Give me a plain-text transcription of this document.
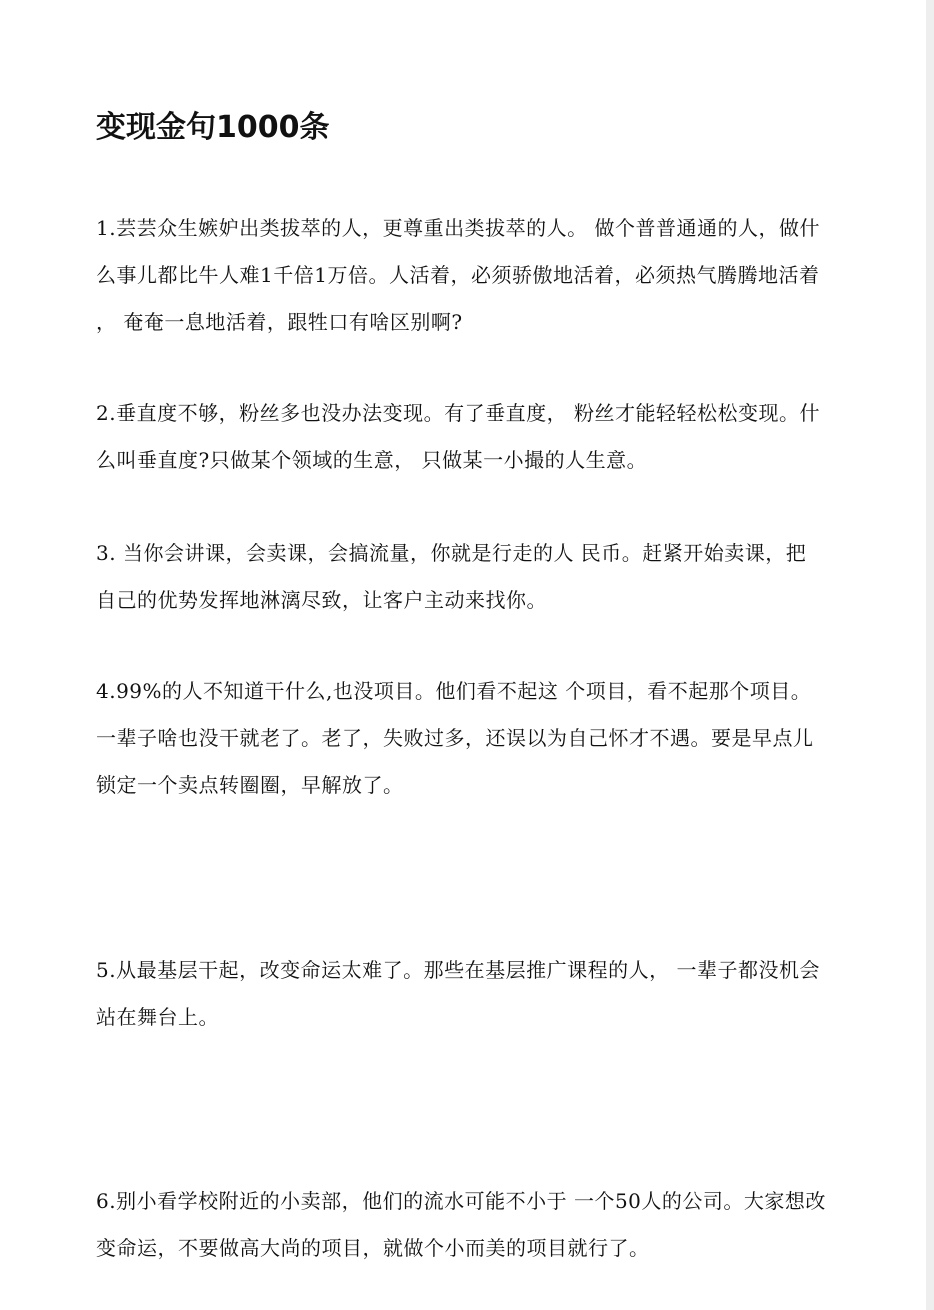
变现金句1000条
1.芸芸众生嫉妒出类拔萃的人，更尊重出类拔萃的人。 做个普普通通的人，做什
么事儿都比牛人难1千倍1万倍。人活着，必须骄傲地活着，必须热气腾腾地活着
， 奄奄一息地活着，跟牲口有啥区别啊?
2.垂直度不够，粉丝多也没办法变现。有了垂直度， 粉丝才能轻轻松松变现。什
么叫垂直度?只做某个领域的生意， 只做某一小撮的人生意。
3. 当你会讲课，会卖课，会搞流量，你就是行走的人 民币。赶紧开始卖课，把
自己的优势发挥地淋漓尽致，让客户主动来找你。
4.99%的人不知道干什么,也没项目。他们看不起这 个项目，看不起那个项目。
一辈子啥也没干就老了。老了，失败过多，还误以为自己怀才不遇。要是早点儿
锁定一个卖点转圈圈，早解放了。
5.从最基层干起，改变命运太难了。那些在基层推广课程的人， 一辈子都没机会
站在舞台上。
6.别小看学校附近的小卖部，他们的流水可能不小于 一个50人的公司。大家想改
变命运，不要做高大尚的项目，就做个小而美的项目就行了。
